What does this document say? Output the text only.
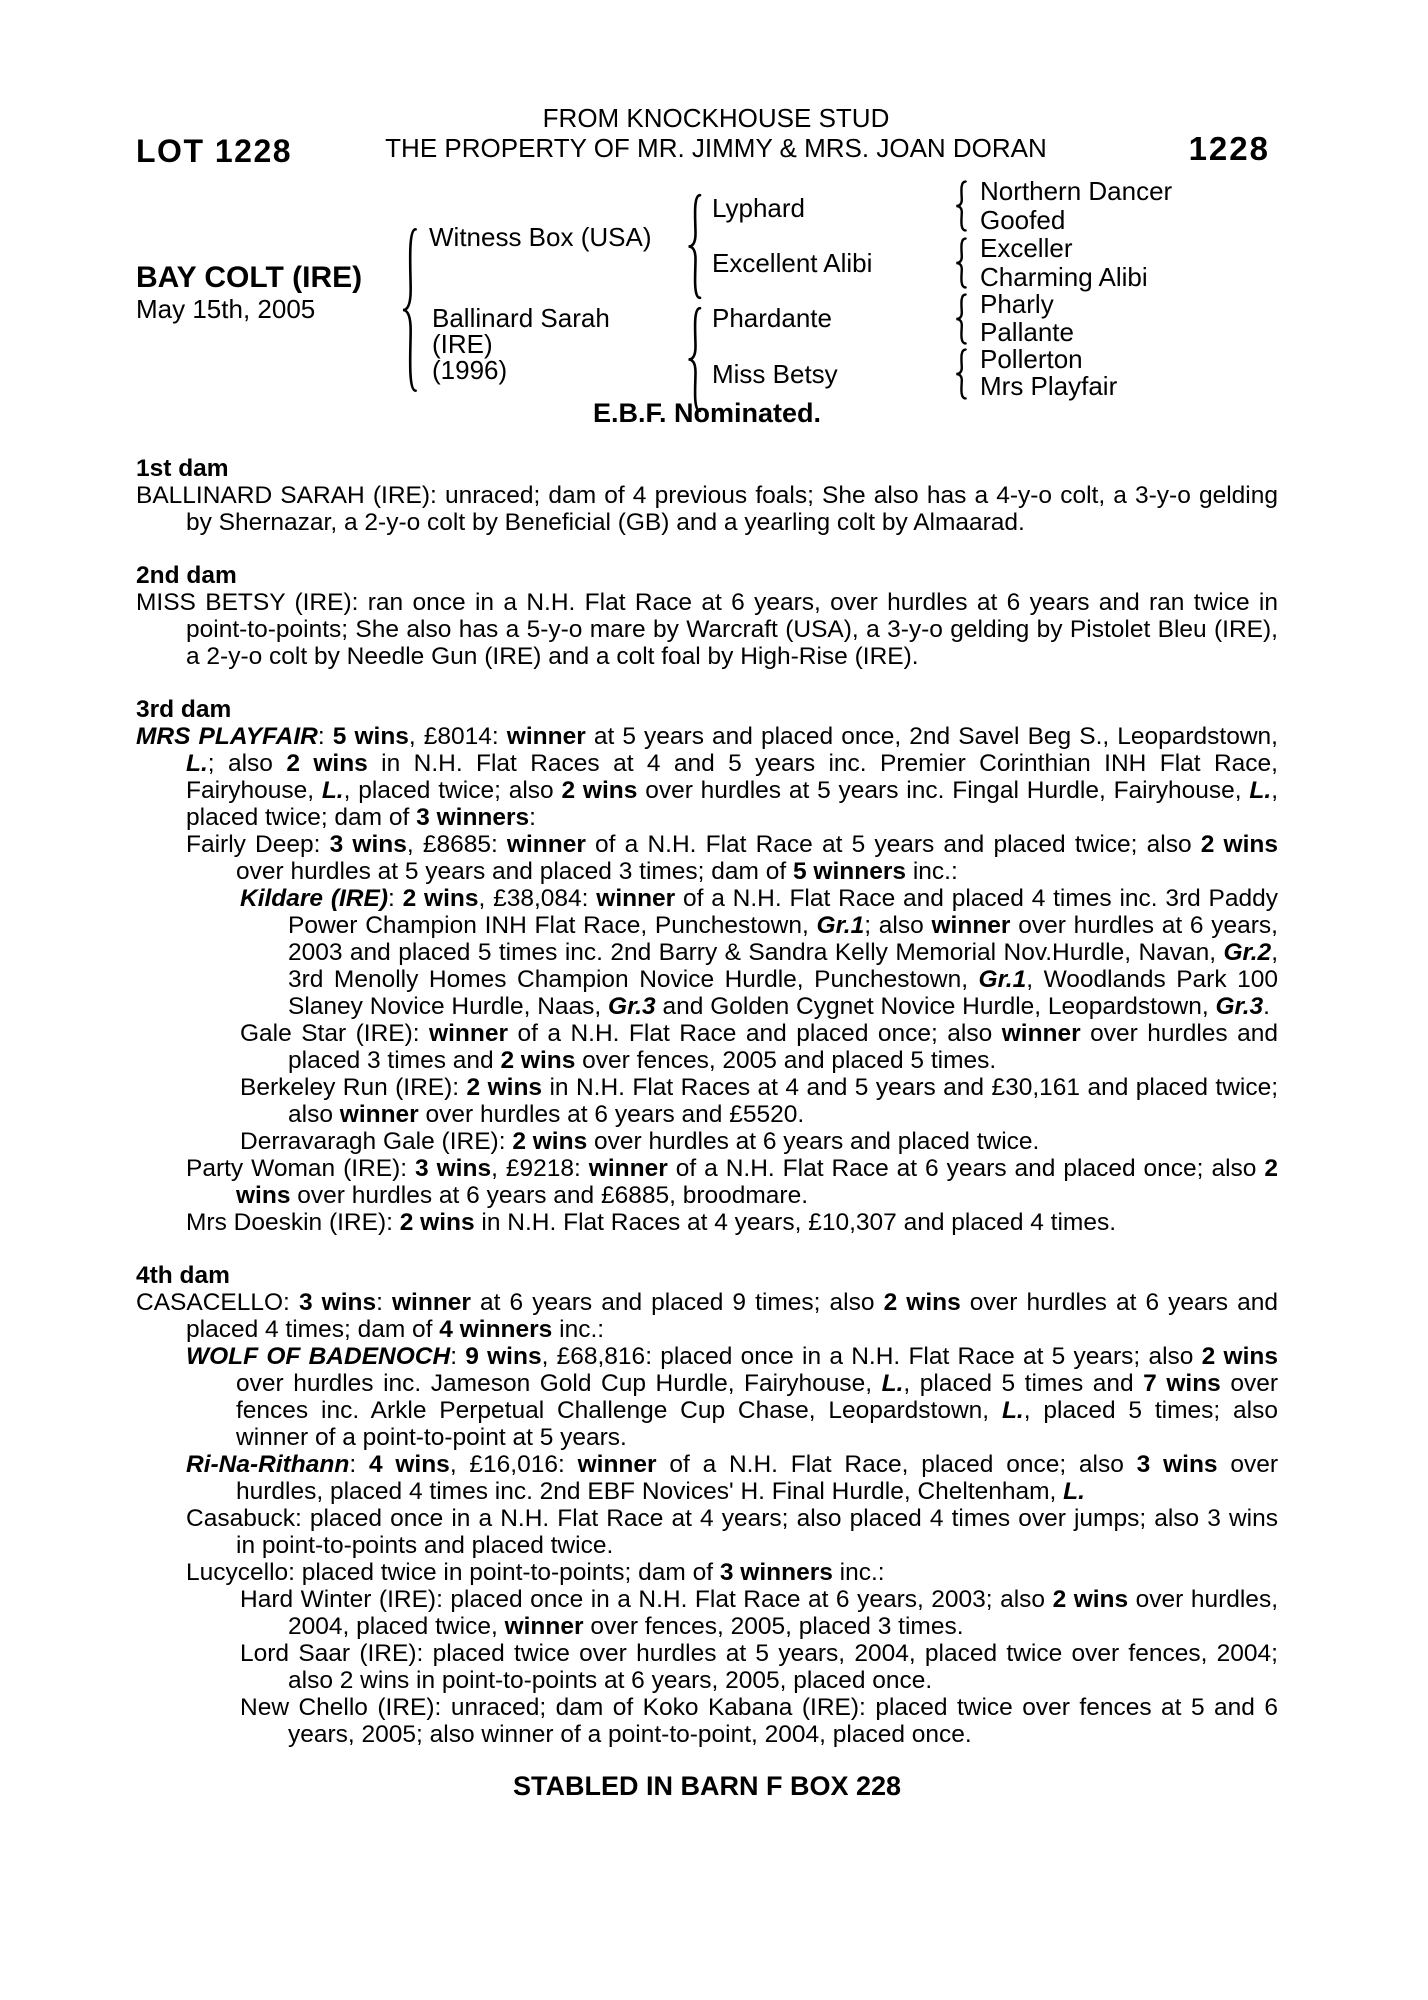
LOT 1228
FROM KNOCKHOUSE STUD
THE PROPERTY OF MR. JIMMY & MRS. JOAN DORAN	1228
BAY COLT (IRE)
May 15th, 2005
Witness Box (USA)
Ballinard Sarah
(IRE)
(1996)
Lyphard
Excellent Alibi
Phardante
Miss Betsy
Northern Dancer
Goofed
Exceller
Charming Alibi
Pharly
Pallante
Pollerton
Mrs Playfair
E.B.F. Nominated.
1st dam

BALLINARD SARAH (IRE): unraced; dam of 4 previous foals; She also has a 4-y-o colt, a 3-y-o gelding by Shernazar, a 2-y-o colt by Beneficial (GB) and a yearling colt by Almaarad.

2nd dam

MISS BETSY (IRE): ran once in a N.H. Flat Race at 6 years, over hurdles at 6 years and ran twice in point-to-points; She also has a 5-y-o mare by Warcraft (USA), a 3-y-o gelding by Pistolet Bleu (IRE), a 2-y-o colt by Needle Gun (IRE) and a colt foal by High-Rise (IRE).

3rd dam

MRS PLAYFAIR: 5 wins, £8014: winner at 5 years and placed once, 2nd Savel Beg S., Leopardstown, L.; also 2 wins in N.H. Flat Races at 4 and 5 years inc. Premier Corinthian INH Flat Race, Fairyhouse, L., placed twice; also 2 wins over hurdles at 5 years inc. Fingal Hurdle, Fairyhouse, L., placed twice; dam of 3 winners:

Fairly Deep: 3 wins, £8685: winner of a N.H. Flat Race at 5 years and placed twice; also 2 wins over hurdles at 5 years and placed 3 times; dam of 5 winners inc.:

Kildare (IRE): 2 wins, £38,084: winner of a N.H. Flat Race and placed 4 times inc. 3rd Paddy Power Champion INH Flat Race, Punchestown, Gr.1; also winner over hurdles at 6 years, 2003 and placed 5 times inc. 2nd Barry & Sandra Kelly Memorial Nov.Hurdle, Navan, Gr.2, 3rd Menolly Homes Champion Novice Hurdle, Punchestown, Gr.1, Woodlands Park 100 Slaney Novice Hurdle, Naas, Gr.3 and Golden Cygnet Novice Hurdle, Leopardstown, Gr.3.

Gale Star (IRE): winner of a N.H. Flat Race and placed once; also winner over hurdles and placed 3 times and 2 wins over fences, 2005 and placed 5 times.

Berkeley Run (IRE): 2 wins in N.H. Flat Races at 4 and 5 years and £30,161 and placed twice; also winner over hurdles at 6 years and £5520.

Derravaragh Gale (IRE): 2 wins over hurdles at 6 years and placed twice.

Party Woman (IRE): 3 wins, £9218: winner of a N.H. Flat Race at 6 years and placed once; also 2 wins over hurdles at 6 years and £6885, broodmare.

Mrs Doeskin (IRE): 2 wins in N.H. Flat Races at 4 years, £10,307 and placed 4 times.

4th dam

CASACELLO: 3 wins: winner at 6 years and placed 9 times; also 2 wins over hurdles at 6 years and placed 4 times; dam of 4 winners inc.:

WOLF OF BADENOCH: 9 wins, £68,816: placed once in a N.H. Flat Race at 5 years; also 2 wins over hurdles inc. Jameson Gold Cup Hurdle, Fairyhouse, L., placed 5 times and 7 wins over fences inc. Arkle Perpetual Challenge Cup Chase, Leopardstown, L., placed 5 times; also winner of a point-to-point at 5 years.

Ri-Na-Rithann: 4 wins, £16,016: winner of a N.H. Flat Race, placed once; also 3 wins over hurdles, placed 4 times inc. 2nd EBF Novices' H. Final Hurdle, Cheltenham, L.

Casabuck: placed once in a N.H. Flat Race at 4 years; also placed 4 times over jumps; also 3 wins in point-to-points and placed twice.

Lucycello: placed twice in point-to-points; dam of 3 winners inc.:

Hard Winter (IRE): placed once in a N.H. Flat Race at 6 years, 2003; also 2 wins over hurdles, 2004, placed twice, winner over fences, 2005, placed 3 times.

Lord Saar (IRE): placed twice over hurdles at 5 years, 2004, placed twice over fences, 2004; also 2 wins in point-to-points at 6 years, 2005, placed once.

New Chello (IRE): unraced; dam of Koko Kabana (IRE): placed twice over fences at 5 and 6 years, 2005; also winner of a point-to-point, 2004, placed once.

STABLED IN BARN F BOX 228
